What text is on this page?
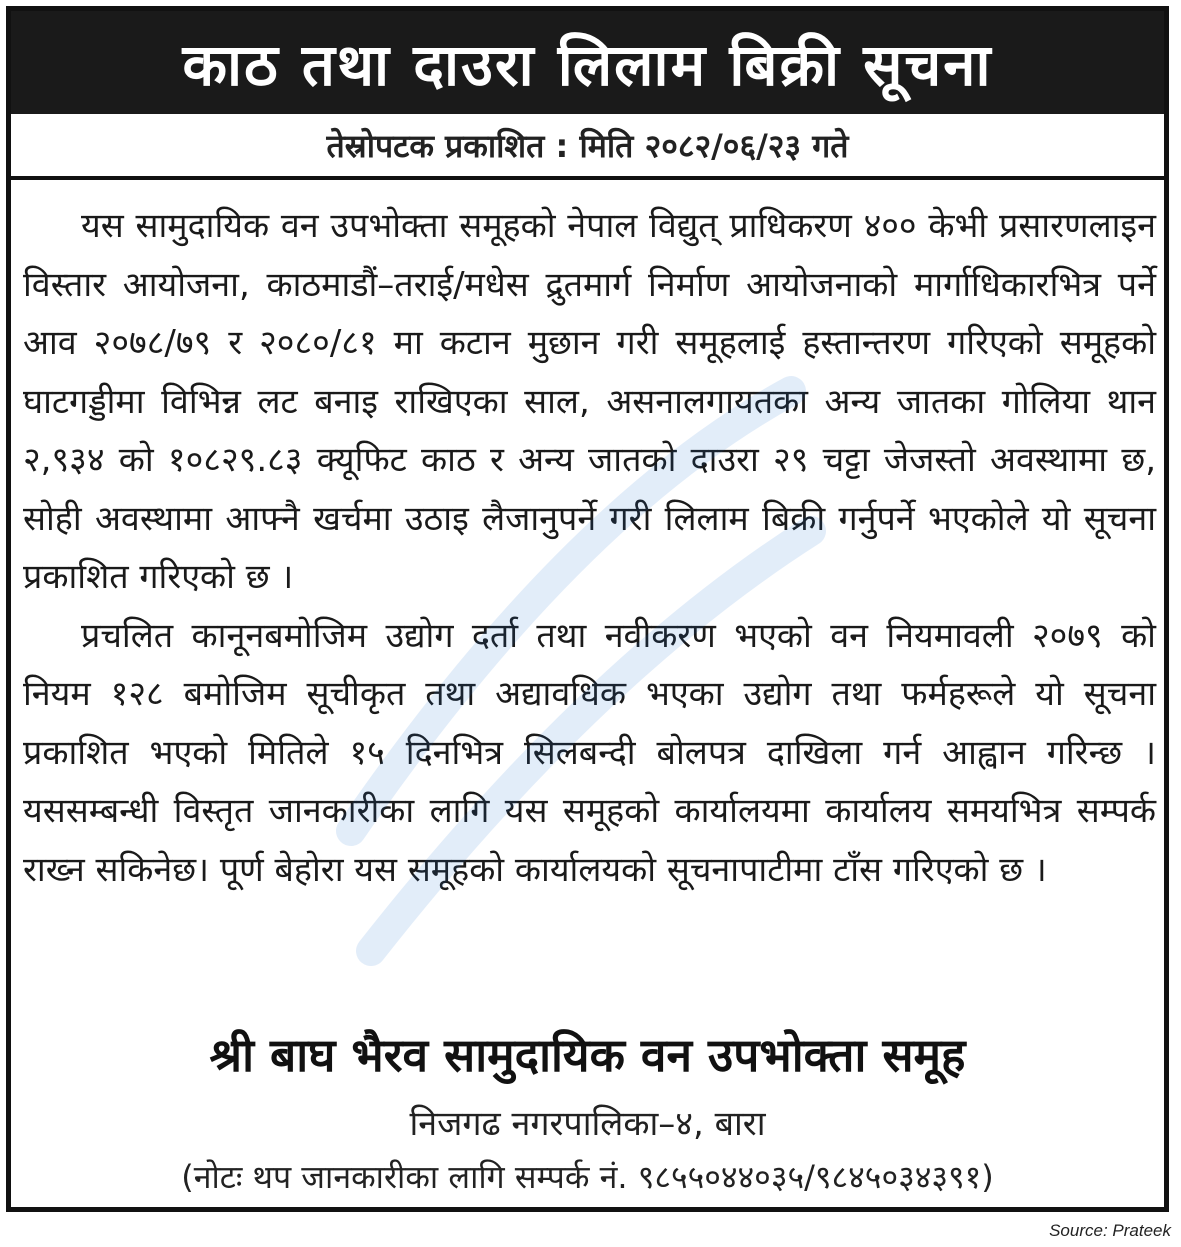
काठ तथा दाउरा लिलाम बिक्री सूचना
तेस्रोपटक प्रकाशित : मिति २०८२/०६/२३ गते

यस सामुदायिक वन उपभोक्ता समूहको नेपाल विद्युत् प्राधिकरण ४०० केभी प्रसारणलाइन विस्तार आयोजना, काठमाडौं–तराई/मधेस द्रुतमार्ग निर्माण आयोजनाको मार्गाधिकारभित्र पर्ने आव २०७८/७९ र २०८०/८१ मा कटान मुछान गरी समूहलाई हस्तान्तरण गरिएको समूहको घाटगड्डीमा विभिन्न लट बनाइ राखिएका साल, असनालगायतका अन्य जातका गोलिया थान २,९३४ को १०८२९.८३ क्यूफिट काठ र अन्य जातको दाउरा २९ चट्टा जेजस्तो अवस्थामा छ, सोही अवस्थामा आफ्नै खर्चमा उठाइ लैजानुपर्ने गरी लिलाम बिक्री गर्नुपर्ने भएकोले यो सूचना प्रकाशित गरिएको छ ।

प्रचलित कानूनबमोजिम उद्योग दर्ता तथा नवीकरण भएको वन नियमावली २०७९ को नियम १२८ बमोजिम सूचीकृत तथा अद्यावधिक भएका उद्योग तथा फर्महरूले यो सूचना प्रकाशित भएको मितिले १५ दिनभित्र सिलबन्दी बोलपत्र दाखिला गर्न आह्वान गरिन्छ । यससम्बन्धी विस्तृत जानकारीका लागि यस समूहको कार्यालयमा कार्यालय समयभित्र सम्पर्क राख्न सकिनेछ। पूर्ण बेहोरा यस समूहको कार्यालयको सूचनापाटीमा टाँस गरिएको छ ।

श्री बाघ भैरव सामुदायिक वन उपभोक्ता समूह
निजगढ नगरपालिका–४, बारा
(नोटः थप जानकारीका लागि सम्पर्क नं. ९८५५०४४०३५/९८४५०३४३९१)
Source: Prateek
